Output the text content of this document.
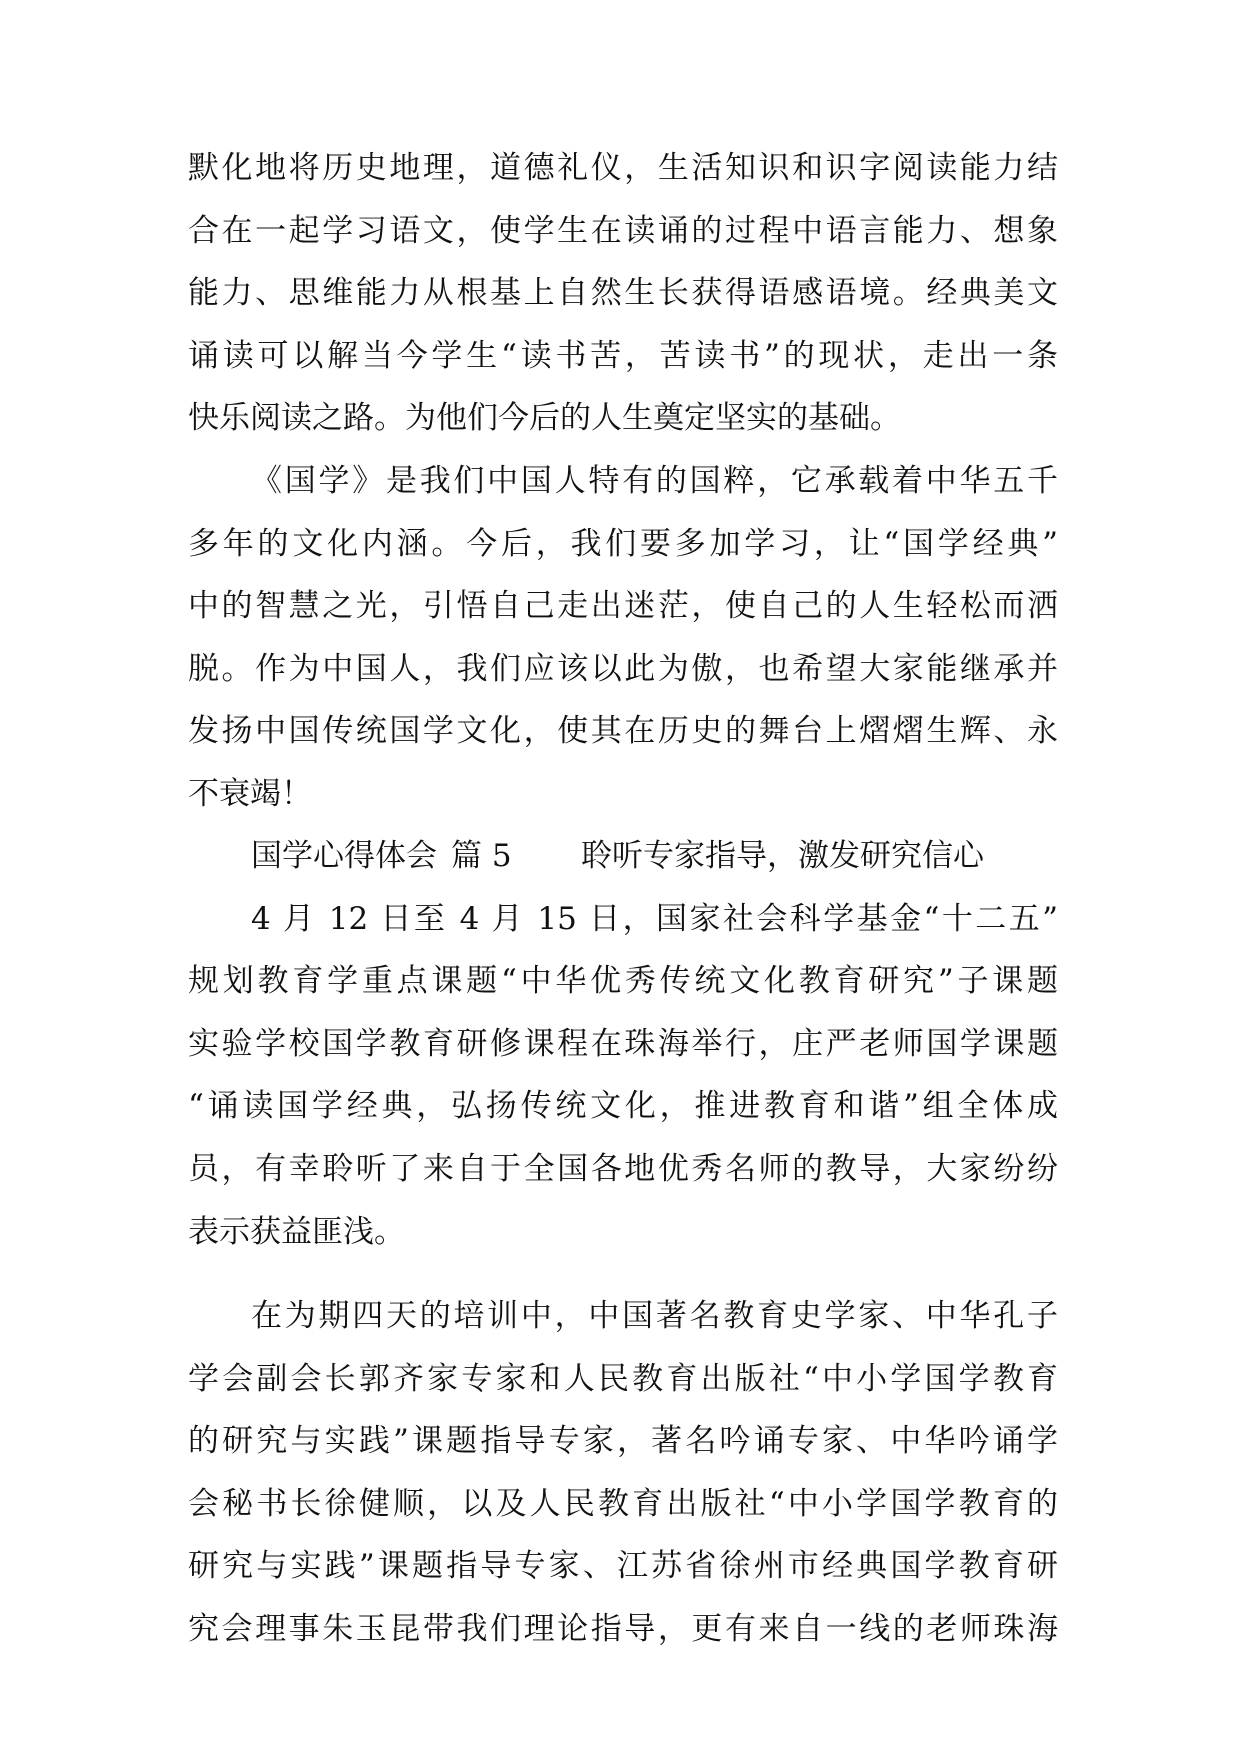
默化地将历史地理，道德礼仪，生活知识和识字阅读能力结
合在一起学习语文，使学生在读诵的过程中语言能力、想象
能力、思维能力从根基上自然生长获得语感语境。经典美文
诵读可以解当今学生“读书苦，苦读书”的现状，走出一条
快乐阅读之路。为他们今后的人生奠定坚实的基础。
《国学》是我们中国人特有的国粹，它承载着中华五千
多年的文化内涵。今后，我们要多加学习，让“国学经典”
中的智慧之光，引悟自己走出迷茫，使自己的人生轻松而洒
脱。作为中国人，我们应该以此为傲，也希望大家能继承并
发扬中国传统国学文化，使其在历史的舞台上熠熠生辉、永
不衰竭！
国学心得体会 篇 5 聆听专家指导，激发研究信心
4 月 12 日至 4 月 15 日，国家社会科学基金“十二五”
规划教育学重点课题“中华优秀传统文化教育研究”子课题
实验学校国学教育研修课程在珠海举行，庄严老师国学课题
“诵读国学经典，弘扬传统文化，推进教育和谐”组全体成
员，有幸聆听了来自于全国各地优秀名师的教导，大家纷纷
表示获益匪浅。
在为期四天的培训中，中国著名教育史学家、中华孔子
学会副会长郭齐家专家和人民教育出版社“中小学国学教育
的研究与实践”课题指导专家，著名吟诵专家、中华吟诵学
会秘书长徐健顺，以及人民教育出版社“中小学国学教育的
研究与实践”课题指导专家、江苏省徐州市经典国学教育研
究会理事朱玉昆带我们理论指导，更有来自一线的老师珠海
